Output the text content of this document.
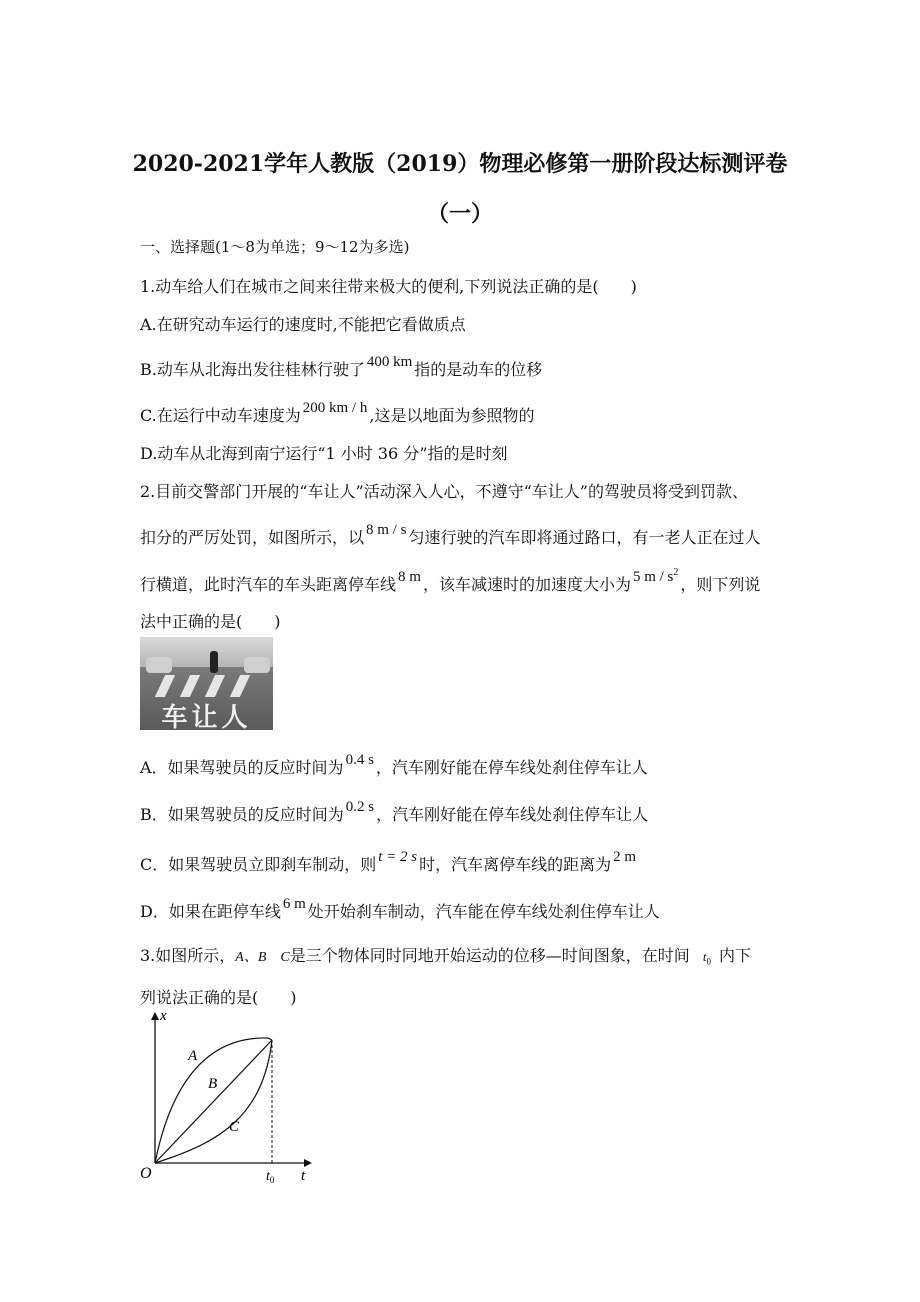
2020-2021学年人教版（2019）物理必修第一册阶段达标测评卷
（一）
一、选择题(1～8为单选；9～12为多选)
1.动车给人们在城市之间来往带来极大的便利,下列说法正确的是(　　)
A.在研究动车运行的速度时,不能把它看做质点
B.动车从北海出发往桂林行驶了 400 km 指的是动车的位移
C.在运行中动车速度为 200 km / h ,这是以地面为参照物的
D.动车从北海到南宁运行“1 小时 36 分”指的是时刻
2.目前交警部门开展的“车让人”活动深入人心，不遵守“车让人”的驾驶员将受到罚款、
扣分的严厉处罚，如图所示，以 8 m / s 匀速行驶的汽车即将通过路口，有一老人正在过人
行横道，此时汽车的车头距离停车线 8 m ，该车减速时的加速度大小为 5 m / $s^2$，则下列说
法中正确的是(　　)
车让人
A．如果驾驶员的反应时间为 0.4 s ，汽车刚好能在停车线处刹住停车让人
B．如果驾驶员的反应时间为 0.2 s ，汽车刚好能在停车线处刹住停车让人
C．如果驾驶员立即刹车制动，则 t = 2 s 时，汽车离停车线的距离为 2 m
D．如果在距停车线 6 m 处开始刹车制动，汽车能在停车线处刹住停车让人
3.如图所示，A、B　C是三个物体同时同地开始运动的位移—时间图象，在时间 $t_0$ 内下
列说法正确的是(　　)
x
t
O	$t_0$
A
B
C
